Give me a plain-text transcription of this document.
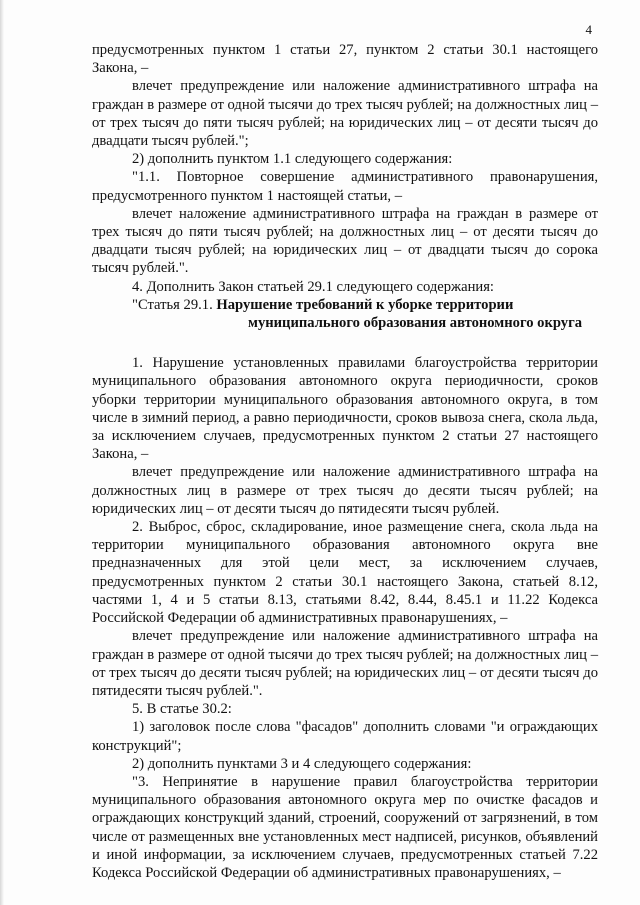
4

предусмотренных пунктом 1 статьи 27, пунктом 2 статьи 30.1 настоящего Закона, –

влечет предупреждение или наложение административного штрафа на граждан в размере от одной тысячи до трех тысяч рублей; на должностных лиц – от трех тысяч до пяти тысяч рублей; на юридических лиц – от десяти тысяч до двадцати тысяч рублей.";

2) дополнить пунктом 1.1 следующего содержания:

"1.1. Повторное совершение административного правонарушения, предусмотренного пунктом 1 настоящей статьи, –

влечет наложение административного штрафа на граждан в размере от трех тысяч до пяти тысяч рублей; на должностных лиц – от десяти тысяч до двадцати тысяч рублей; на юридических лиц – от двадцати тысяч до сорока тысяч рублей.".

4. Дополнить Закон статьей 29.1 следующего содержания:

"Статья 29.1. Нарушение требований к уборке территории

муниципального образования автономного округа

1. Нарушение установленных правилами благоустройства территории муниципального образования автономного округа периодичности, сроков уборки территории муниципального образования автономного округа, в том числе в зимний период, а равно периодичности, сроков вывоза снега, скола льда, за исключением случаев, предусмотренных пунктом 2 статьи 27 настоящего Закона, –

влечет предупреждение или наложение административного штрафа на должностных лиц в размере от трех тысяч до десяти тысяч рублей; на юридических лиц – от десяти тысяч до пятидесяти тысяч рублей.

2. Выброс, сброс, складирование, иное размещение снега, скола льда на территории муниципального образования автономного округа вне предназначенных для этой цели мест, за исключением случаев, предусмотренных пунктом 2 статьи 30.1 настоящего Закона, статьей 8.12, частями 1, 4 и 5 статьи 8.13, статьями 8.42, 8.44, 8.45.1 и 11.22 Кодекса Российской Федерации об административных правонарушениях, –

влечет предупреждение или наложение административного штрафа на граждан в размере от одной тысячи до трех тысяч рублей; на должностных лиц – от трех тысяч до десяти тысяч рублей; на юридических лиц – от десяти тысяч до пятидесяти тысяч рублей.".

5. В статье 30.2:

1) заголовок после слова "фасадов" дополнить словами "и ограждающих конструкций";

2) дополнить пунктами 3 и 4 следующего содержания:

"3. Непринятие в нарушение правил благоустройства территории муниципального образования автономного округа мер по очистке фасадов и ограждающих конструкций зданий, строений, сооружений от загрязнений, в том числе от размещенных вне установленных мест надписей, рисунков, объявлений и иной информации, за исключением случаев, предусмотренных статьей 7.22 Кодекса Российской Федерации об административных правонарушениях, –
